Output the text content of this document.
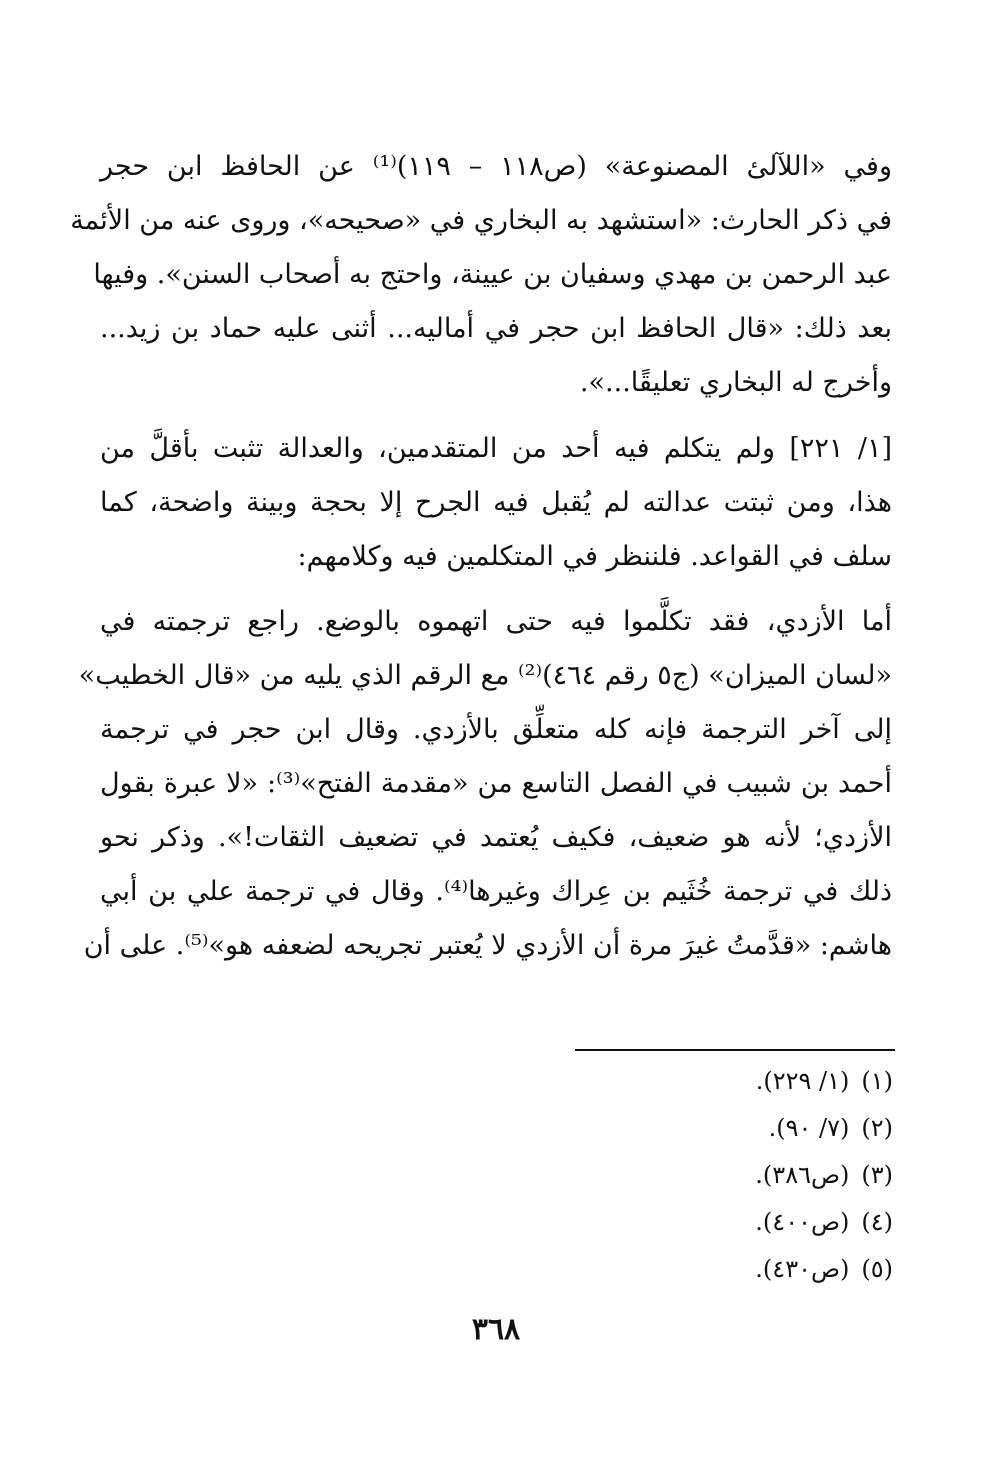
وفي «اللآلئ المصنوعة» (ص١١٨ – ١١٩)⁽¹⁾ عن الحافظ ابن حجر
في ذكر الحارث: «استشهد به البخاري في «صحيحه»، وروى عنه من الأئمة
عبد الرحمن بن مهدي وسفيان بن عيينة، واحتج به أصحاب السنن». وفيها
بعد ذلك: «قال الحافظ ابن حجر في أماليه... أثنى عليه حماد بن زيد...
وأخرج له البخاري تعليقًا...».
[١/ ٢٢١] ولم يتكلم فيه أحد من المتقدمين، والعدالة تثبت بأقلَّ من
هذا، ومن ثبتت عدالته لم يُقبل فيه الجرح إلا بحجة وبينة واضحة، كما
سلف في القواعد. فلننظر في المتكلمين فيه وكلامهم:
أما الأزدي، فقد تكلَّموا فيه حتى اتهموه بالوضع. راجع ترجمته في
«لسان الميزان» (ج٥ رقم ٤٦٤)⁽²⁾ مع الرقم الذي يليه من «قال الخطيب»
إلى آخر الترجمة فإنه كله متعلِّق بالأزدي. وقال ابن حجر في ترجمة
أحمد بن شبيب في الفصل التاسع من «مقدمة الفتح»⁽³⁾: «لا عبرة بقول
الأزدي؛ لأنه هو ضعيف، فكيف يُعتمد في تضعيف الثقات!». وذكر نحو
ذلك في ترجمة خُثَيم بن عِراك وغيرها⁽⁴⁾. وقال في ترجمة علي بن أبي
هاشم: «قدَّمتُ غيرَ مرة أن الأزدي لا يُعتبر تجريحه لضعفه هو»⁽⁵⁾. على أن
(١)(١/ ٢٢٩).
(٢)(٧/ ٩٠).
(٣)(ص٣٨٦).
(٤)(ص٤٠٠).
(٥)(ص٤٣٠).
٣٦٨
